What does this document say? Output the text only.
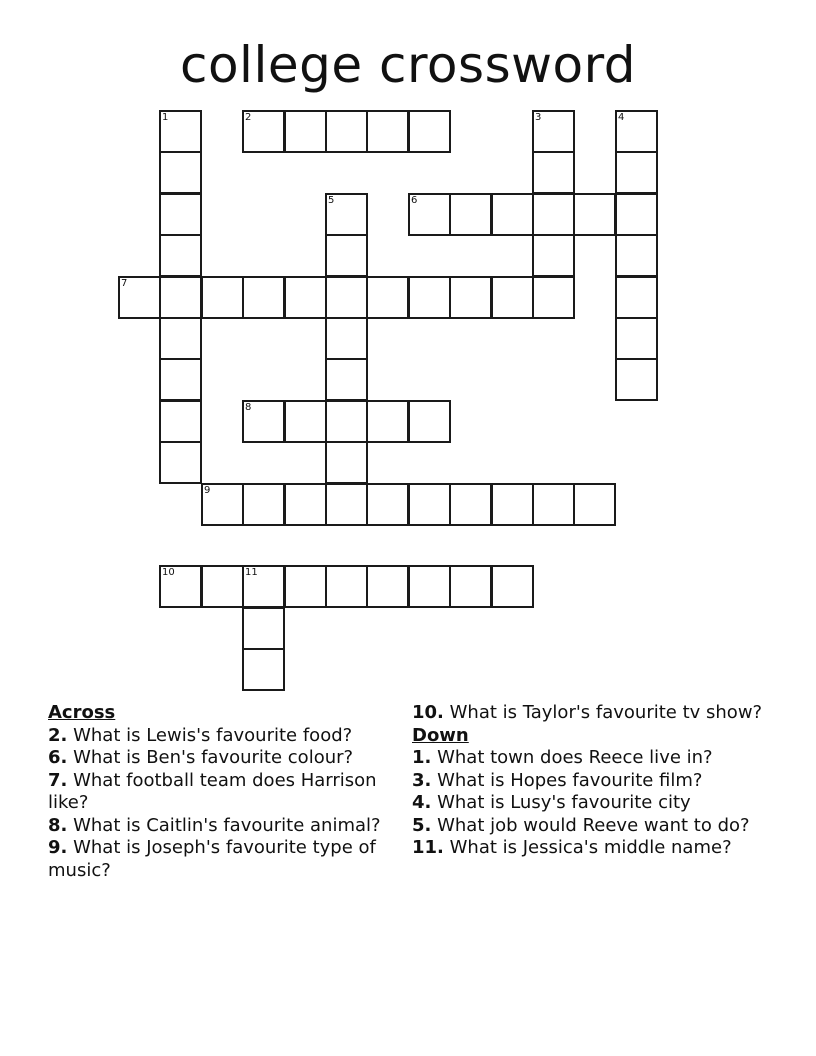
college crossword
1	2	3	4
5	6
7
8
9
10	11
Across
2. What is Lewis's favourite food?
6. What is Ben's favourite colour?
7. What football team does Harrison like?
8. What is Caitlin's favourite animal?
9. What is Joseph's favourite type of music?
10. What is Taylor's favourite tv show?
Down
1. What town does Reece live in?
3. What is Hopes favourite film?
4. What is Lusy's favourite city
5. What job would Reeve want to do?
11. What is Jessica's middle name?
